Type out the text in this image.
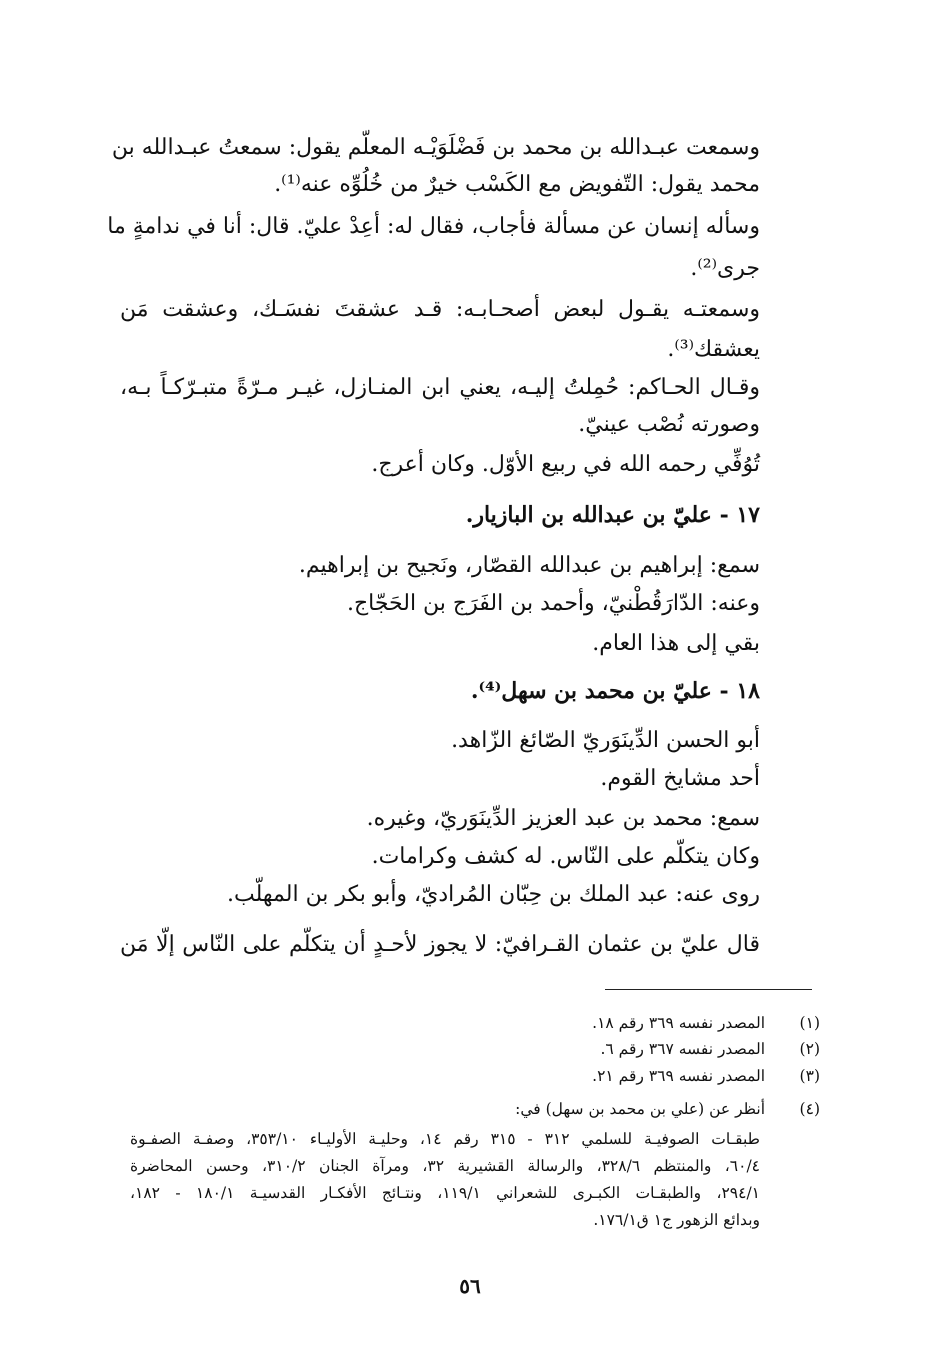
وسمعت عبـدالله بن محمد بن فَضْلَوَيْـه المعلّم يقول: سمعتُ عبـدالله بن
محمد يقول: التّفويض مع الكَسْب خيرٌ من خُلُوِّه عنه⁽¹⁾.
وسأله إنسان عن مسألة فأجاب، فقال له: أعِدْ عليّ. قال: أنا في ندامةٍ ما
جرى⁽²⁾.
وسمعتـه يقـول لبعض أصحـابـه: قـد عشقتَ نفسَـك، وعشقت مَن
يعشقك⁽³⁾.
وقـال الحـاكم: حُمِلتُ إليـه، يعني ابن المنـازل، غيـر مـرّةً متبـرّكـاً بـه،
وصورته نُصْب عينيّ.
تُوُفِّي رحمه الله في ربيع الأوّل. وكان أعرج.
١٧ - عليّ بن عبدالله بن البازيار.
سمع: إبراهيم بن عبدالله القصّار، ونَجيح بن إبراهيم.
وعنه: الدّارَقُطْنيّ، وأحمد بن الفَرَج بن الحَجّاج.
بقي إلى هذا العام.
١٨ - عليّ بن محمد بن سهل⁽⁴⁾.
أبو الحسن الدِّينَوَريّ الصّائغ الزّاهد.
أحد مشايخ القوم.
سمع: محمد بن عبد العزيز الدِّينَوَريّ، وغيره.
وكان يتكلّم على النّاس. له كشف وكرامات.
روى عنه: عبد الملك بن حِبّان المُراديّ، وأبو بكر بن المهلّب.
قال عليّ بن عثمان القـرافيّ: لا يجوز لأحـدٍ أن يتكلّم على النّاس إلّا مَن
(١)
المصدر نفسه ٣٦٩ رقم ١٨.
(٢)
المصدر نفسه ٣٦٧ رقم ٦.
(٣)
المصدر نفسه ٣٦٩ رقم ٢١.
(٤)
أنظر عن (علي بن محمد بن سهل) في:
طبقـات الصوفيـة للسلمي ٣١٢ - ٣١٥ رقم ١٤، وحليـة الأوليـاء ٣٥٣/١٠، وصفـة الصفـوة
٦٠/٤، والمنتظم ٣٢٨/٦، والرسالة القشيرية ٣٢، ومرآة الجنان ٣١٠/٢، وحسن المحاضرة
٢٩٤/١، والطبقـات الكبـرى للشعراني ١١٩/١، ونتـائج الأفكـار القدسيـة ١٨٠/١ - ١٨٢،
وبدائع الزهور ج١ ق١٧٦/١.
٥٦
